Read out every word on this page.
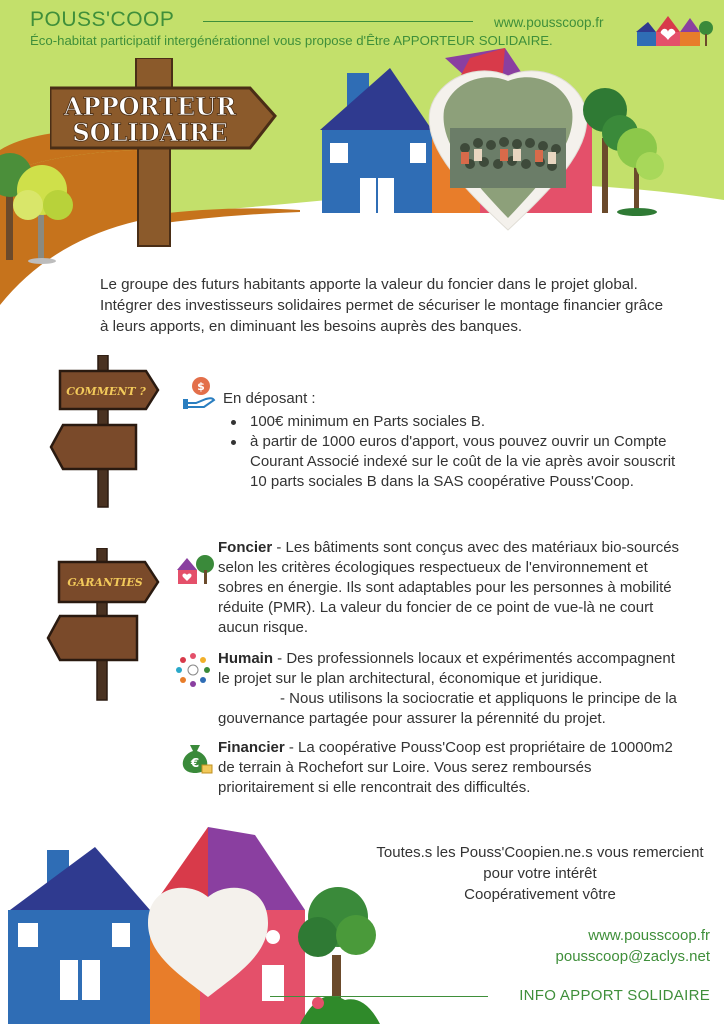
APPORTEUR
SOLIDAIRE
POUSS'COOP	www.pousscoop.fr
Éco-habitat participatif intergénérationnel vous propose d'Être APPORTEUR SOLIDAIRE.
Le groupe des futurs habitants apporte la valeur du foncier dans le projet global. Intégrer des investisseurs solidaires permet de sécuriser le montage financier grâce à leurs apports, en diminuant les besoins auprès des banques.
COMMENT ?	$
En déposant :
100€ minimum en Parts sociales B.
à partir de 1000 euros d'apport, vous pouvez ouvrir un Compte Courant Associé indexé sur le coût de la vie après avoir souscrit 10 parts sociales B dans la SAS coopérative Pouss'Coop.
GARANTIES
Foncier - Les bâtiments sont conçus avec des matériaux bio-sourcés selon les critères écologiques respectueux de l'environnement et sobres en énergie. Ils sont adaptables pour les personnes à mobilité réduite (PMR). La valeur du foncier de ce point de vue-là ne court aucun risque.
Humain - Des professionnels locaux et expérimentés accompagnent le projet sur le plan architectural, économique et juridique.
- Nous utilisons la sociocratie et appliquons le principe de la gouvernance partagée pour assurer la pérennité du projet.
€
Financier - La coopérative Pouss'Coop est propriétaire de 10000m2 de terrain à Rochefort sur Loire. Vous serez remboursés prioritairement si elle rencontrait des difficultés.
Toutes.s les Pouss'Coopien.ne.s vous remercient
pour votre intérêt
Coopérativement vôtre
www.pousscoop.fr
pousscoop@zaclys.net
INFO APPORT SOLIDAIRE
